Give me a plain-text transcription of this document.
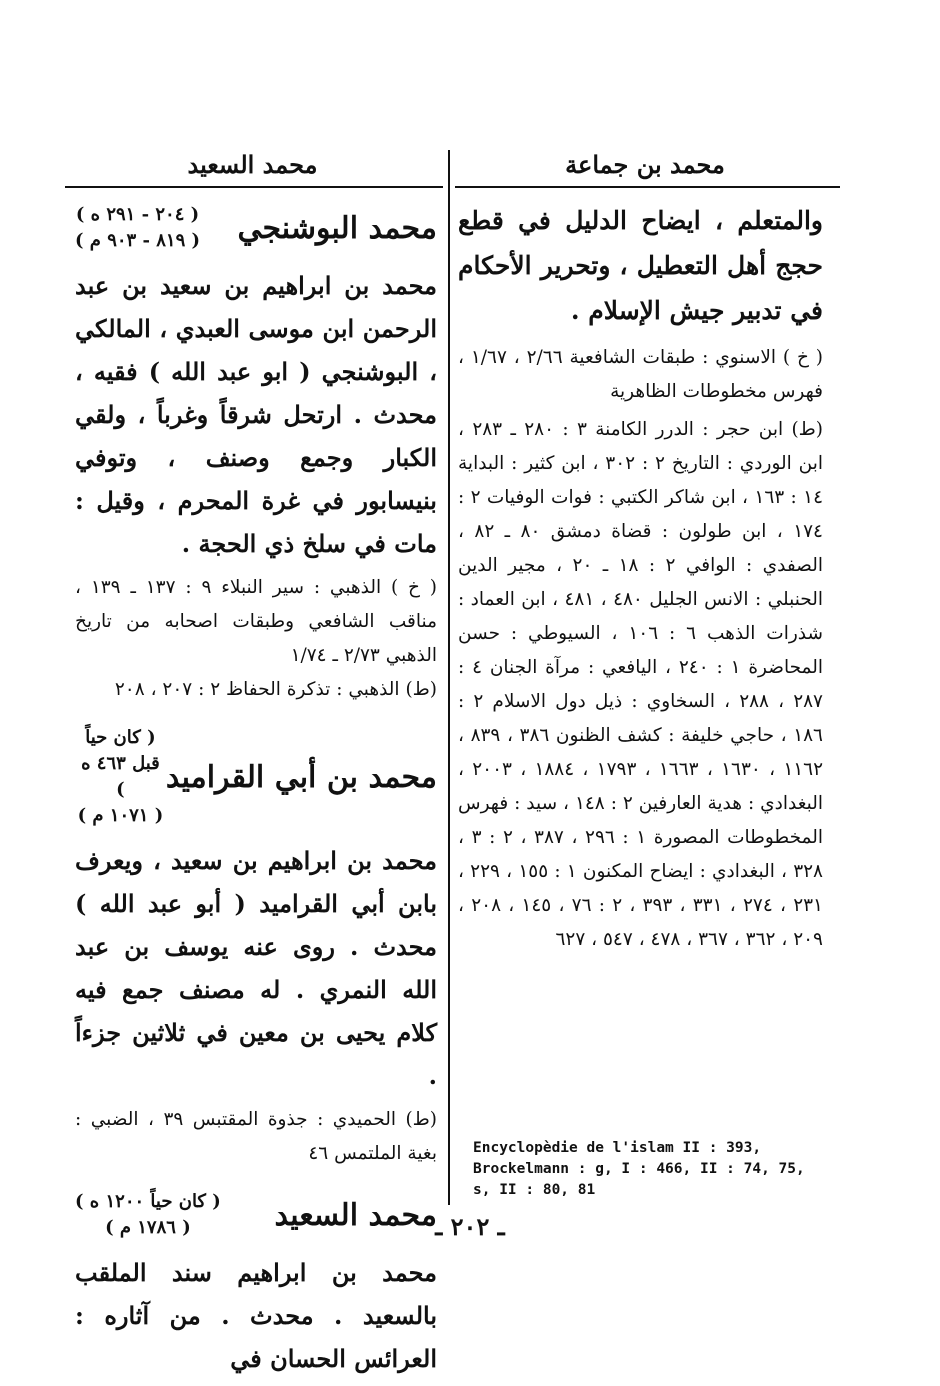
محمد بن جماعة
محمد السعيد

والمتعلم ، ايضاح الدليل في قطع حجج أهل التعطيل ، وتحرير الأحكام في تدبير جيش الإسلام .

( خ ) الاسنوي : طبقات الشافعية ٢/٦٦ ، ١/٦٧ ، فهرس مخطوطات الظاهرية

(ط) ابن حجر : الدرر الكامنة ٣ : ٢٨٠ ـ ٢٨٣ ، ابن الوردي : التاريخ ٢ : ٣٠٢ ، ابن كثير : البداية ١٤ : ١٦٣ ، ابن شاكر الكتبي : فوات الوفيات ٢ : ١٧٤ ، ابن طولون : قضاة دمشق ٨٠ ـ ٨٢ ، الصفدي : الوافي ٢ : ١٨ ـ ٢٠ ، مجير الدين الحنبلي : الانس الجليل ٤٨٠ ، ٤٨١ ، ابن العماد : شذرات الذهب ٦ : ١٠٦ ، السيوطي : حسن المحاضرة ١ : ٢٤٠ ، اليافعي : مرآة الجنان ٤ : ٢٨٧ ، ٢٨٨ ، السخاوي : ذيل دول الاسلام ٢ : ١٨٦ ، حاجي خليفة : كشف الظنون ٣٨٦ ، ٨٣٩ ، ١١٦٢ ، ١٦٣٠ ، ١٦٦٣ ، ١٧٩٣ ، ١٨٨٤ ، ٢٠٠٣ ، البغدادي : هدية العارفين ٢ : ١٤٨ ، سيد : فهرس المخطوطات المصورة ١ : ٢٩٦ ، ٣٨٧ ، ٢ : ٣ ، ٣٢٨ ، البغدادي : ايضاح المكنون ١ : ١٥٥ ، ٢٢٩ ، ٢٣١ ، ٢٧٤ ، ٣٣١ ، ٣٩٣ ، ٢ : ٧٦ ، ١٤٥ ، ٢٠٨ ، ٢٠٩ ، ٣٦٢ ، ٣٦٧ ، ٤٧٨ ، ٥٤٧ ، ٦٢٧

Encyclopèdie de l'islam II : 393,
Brockelmann : g, I : 466, II : 74, 75,
s, II : 80, 81
محمد البوشنجي
( ٢٠٤ - ٢٩١ ه )
( ٨١٩ - ٩٠٣ م )

محمد بن ابراهيم بن سعيد بن عبد الرحمن ابن موسى العبدي ، المالكي ، البوشنجي ( ابو عبد الله ) فقيه ، محدث . ارتحل شرقاً وغرباً ، ولقي الكبار وجمع وصنف ، وتوفي بنيسابور في غرة المحرم ، وقيل : مات في سلخ ذي الحجة .

( خ ) الذهبي : سير النبلاء ٩ : ١٣٧ ـ ١٣٩ ، مناقب الشافعي وطبقات اصحابه من تاريخ الذهبي ٢/٧٣ ـ ١/٧٤

(ط) الذهبي : تذكرة الحفاظ ٢ : ٢٠٧ ، ٢٠٨

محمد بن أبي القراميد
( كان حياً قبل ٤٦٣ ه )
( ١٠٧١ م )

محمد بن ابراهيم بن سعيد ، ويعرف بابن أبي القراميد ( أبو عبد الله ) محدث . روى عنه يوسف بن عبد الله النمري . له مصنف جمع فيه كلام يحيى بن معين في ثلاثين جزءاً .

(ط) الحميدي : جذوة المقتبس ٣٩ ، الضبي : بغية الملتمس ٤٦

محمد السعيد
( كان حياً ١٢٠٠ ه )
( ١٧٨٦ م )

محمد بن ابراهيم سند الملقب بالسعيد . محدث . من آثاره : العرائس الحسان في

ـ ٢٠٢ ـ
